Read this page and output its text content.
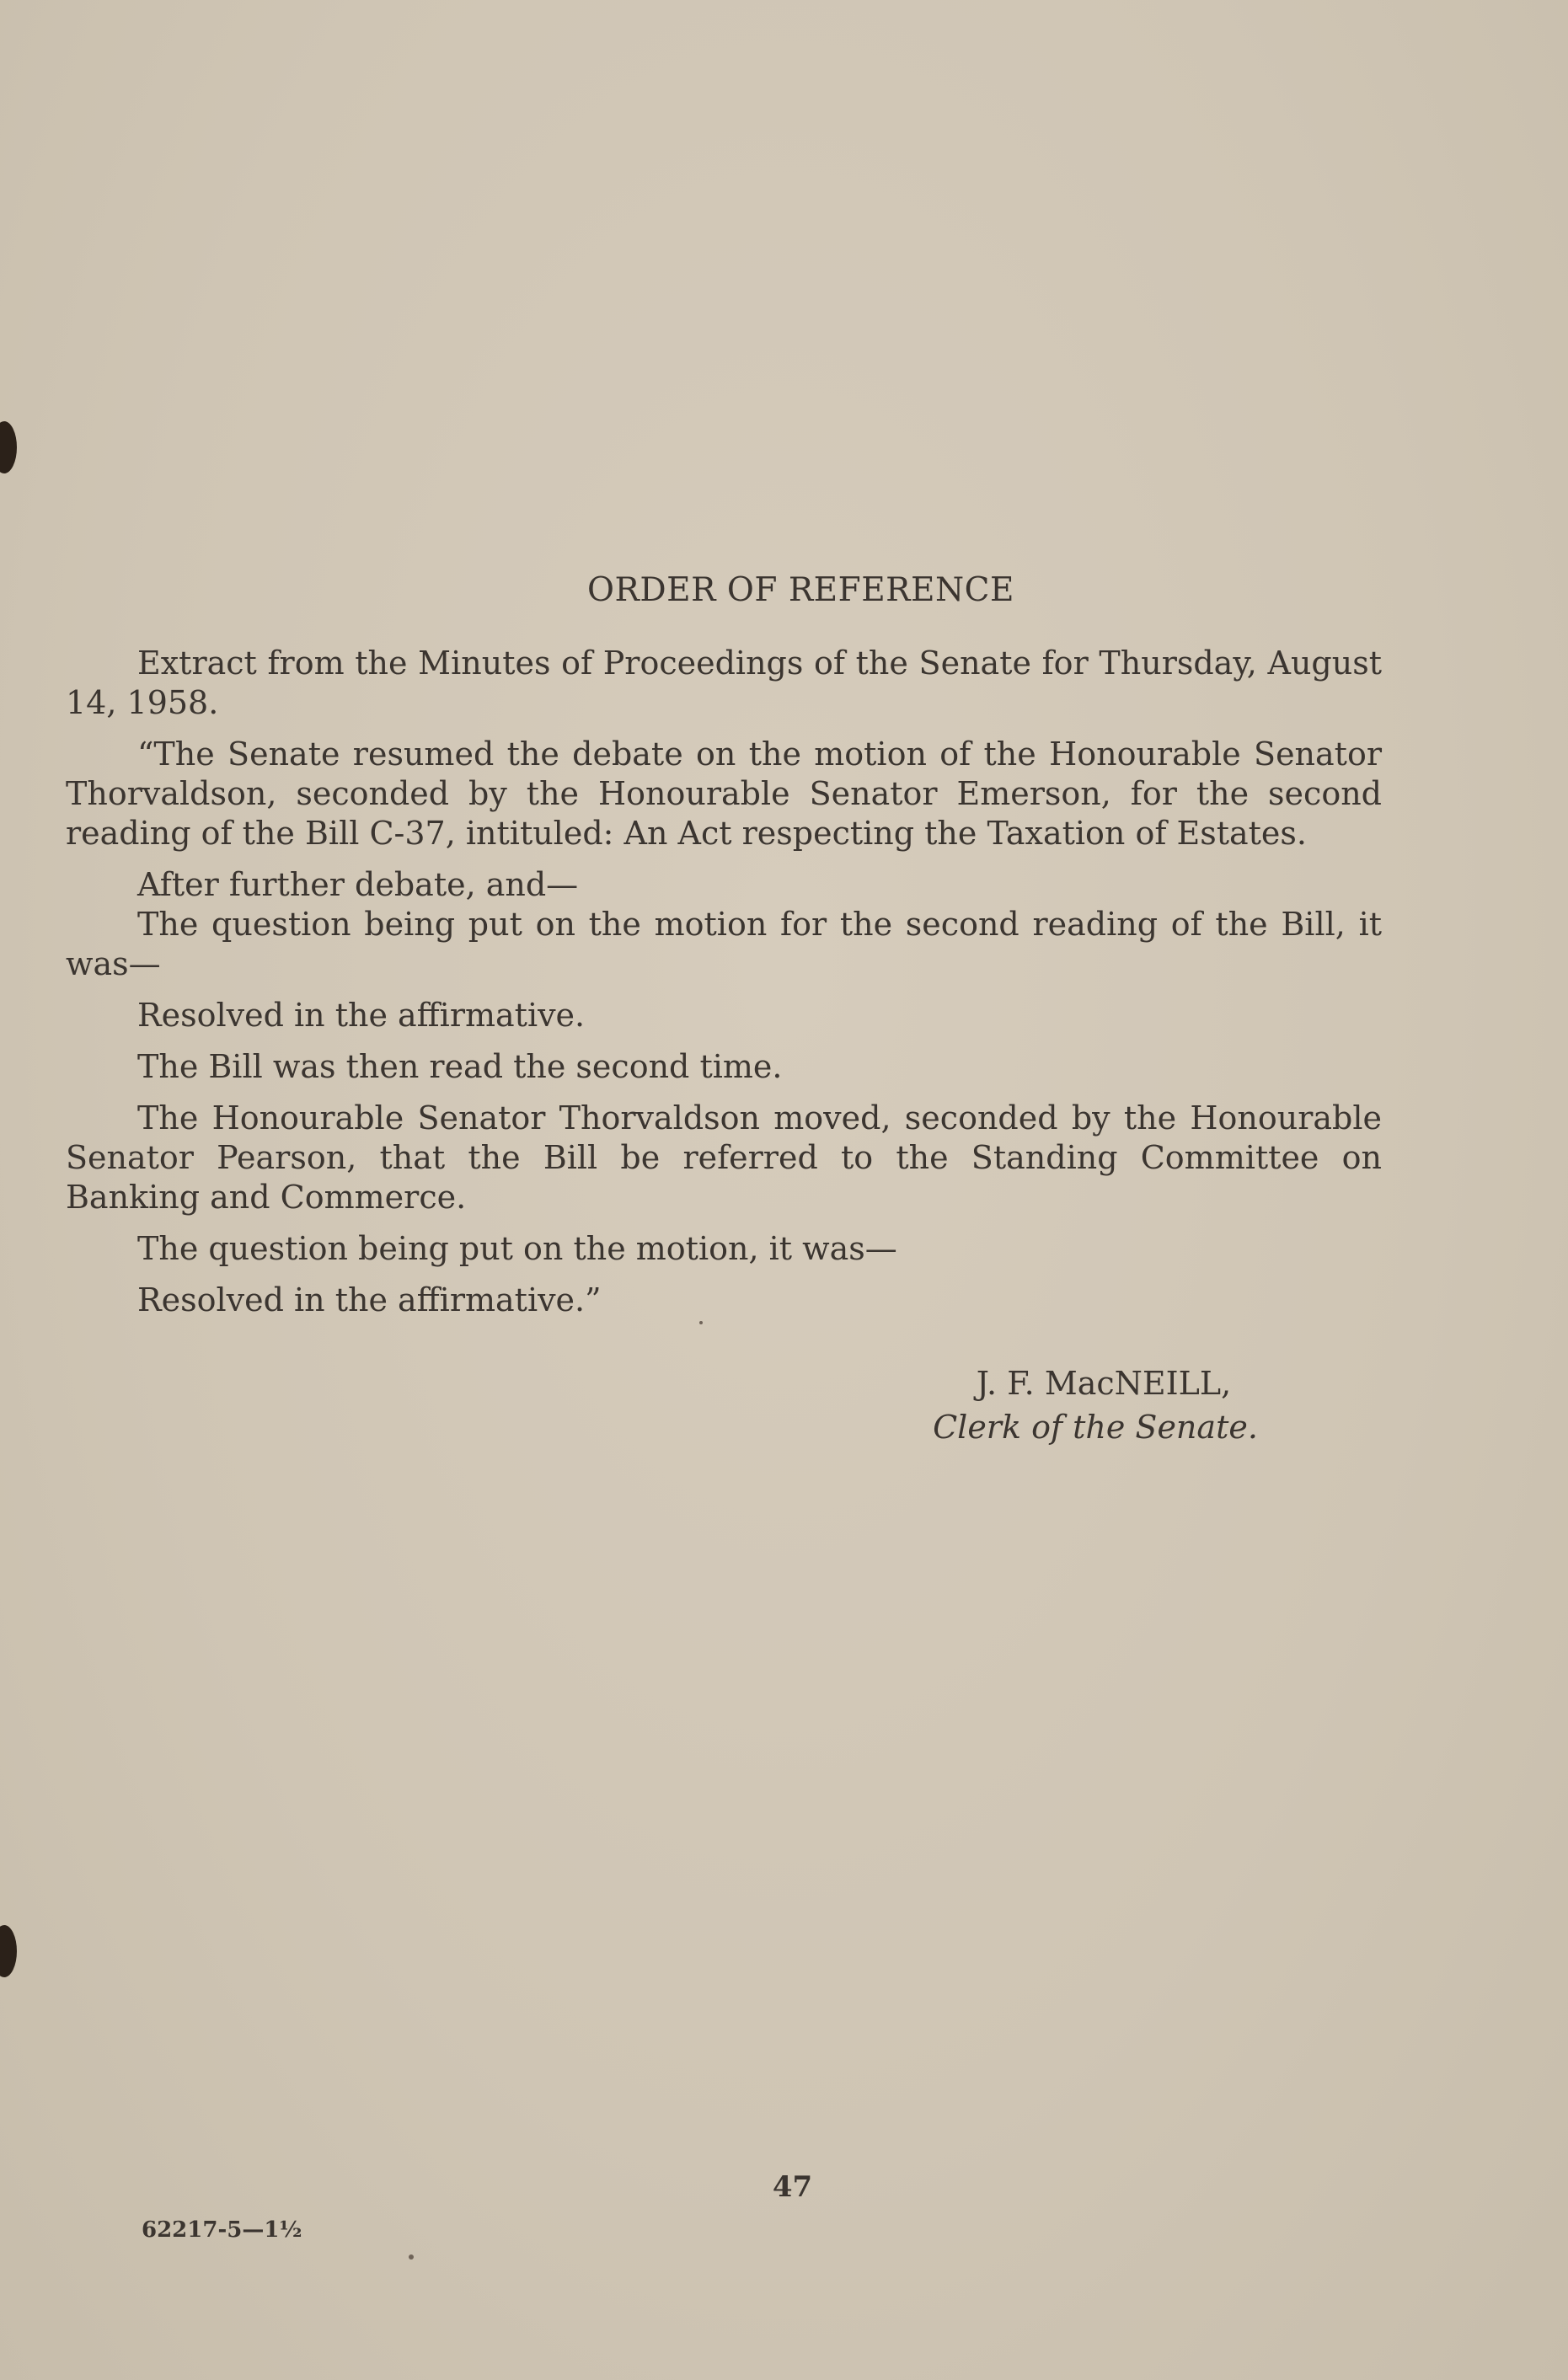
ORDER OF REFERENCE

Extract from the Minutes of Proceedings of the Senate for Thursday, August 14, 1958.

“The Senate resumed the debate on the motion of the Honourable Senator Thorvaldson, seconded by the Honourable Senator Emerson, for the second reading of the Bill C-37, intituled: An Act respecting the Taxation of Estates.

After further debate, and—

The question being put on the motion for the second reading of the Bill, it was—

Resolved in the affirmative.

The Bill was then read the second time.

The Honourable Senator Thorvaldson moved, seconded by the Honourable Senator Pearson, that the Bill be referred to the Standing Committee on Banking and Commerce.

The question being put on the motion, it was—

Resolved in the affirmative.”

J. F. MacNEILL,
Clerk of the Senate.
47
62217-5—1½
